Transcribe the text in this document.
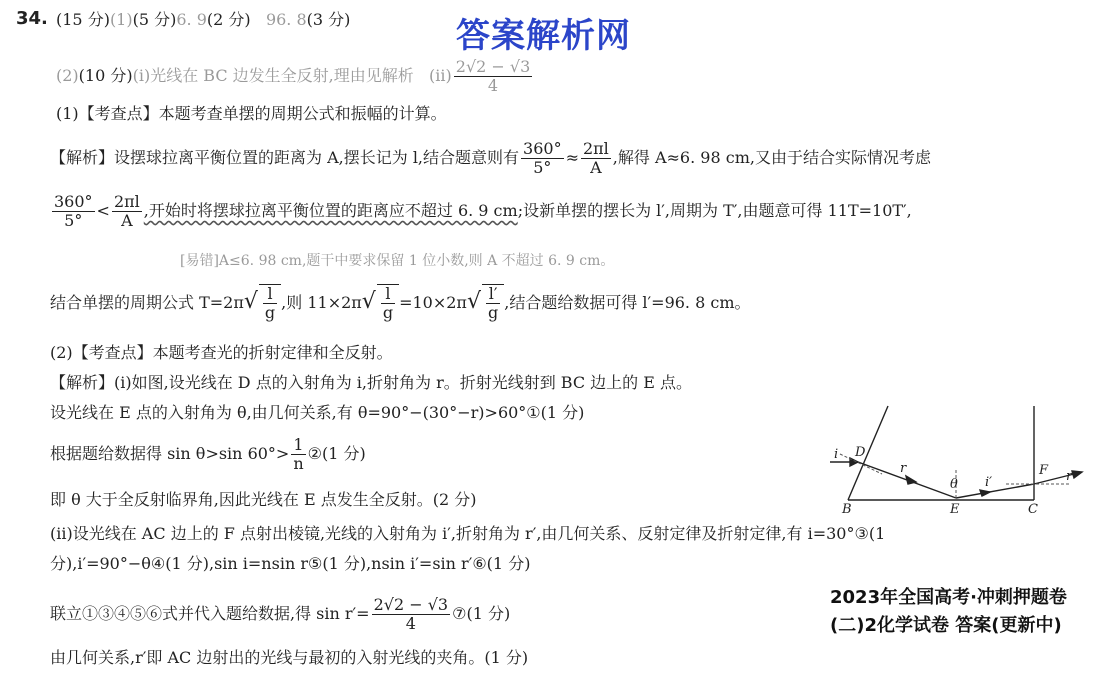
34. (15 分)(1)(5 分)6. 9(2 分) 96. 8(3 分)	答案解析网
(2)(10 分)(ⅰ)光线在 BC 边发生全反射,理由见解析 (ⅱ) $\frac{2√2 - √3}{4}$
(1)【考查点】本题考查单摆的周期公式和振幅的计算。
【解析】设摆球拉离平衡位置的距离为 A,摆长记为 l,结合题意则有 $\frac{360^\circ}{5^\circ} \approx \frac{2\pi l}{A}$ ,解得 A≈6. 98 cm,又由于结合实际情况考虑
$\frac{360^\circ}{5^\circ} < \frac{2\pi l}{A}$ ,开始时将摆球拉离平衡位置的距离应不超过 6. 9 cm;设新单摆的摆长为 l′,周期为 T′,由题意可得 11T=10T′,
[易错]A≤6. 98 cm,题干中要求保留 1 位小数,则 A 不超过 6. 9 cm。
结合单摆的周期公式 $T=2\pi√ \frac{l}{g}$ ,则 $11\times 2\pi√ \frac{l}{g} =10\times 2\pi√ \frac{l'}{g}$ ,结合题给数据可得 l′=96. 8 cm。
(2)【考查点】本题考查光的折射定律和全反射。
【解析】(ⅰ)如图,设光线在 D 点的入射角为 i,折射角为 r。折射光线射到 BC 边上的 E 点。
设光线在 E 点的入射角为 θ,由几何关系,有 θ=90°−(30°−r)>60°①(1 分)
根据题给数据得 sin θ>sin $60^\circ> \frac{1}{n}$ ②(1 分)
即 θ 大于全反射临界角,因此光线在 E 点发生全反射。(2 分)
(ⅱ)设光线在 AC 边上的 F 点射出棱镜,光线的入射角为 i′,折射角为 r′,由几何关系、反射定律及折射定律,有 i=30°③(1
分),i′=90°−θ④(1 分),sin i=nsin r⑤(1 分),nsin i′=sin r′⑥(1 分)
联立①③④⑤⑥式并代入题给数据,得 $\sin r'= \frac{2√2 - √3}{4}$ ⑦(1 分)
由几何关系,r′即 AC 边射出的光线与最初的入射光线的夹角。(1 分)
2023年全国高考·冲刺押题卷(二)2化学试卷 答案(更新中)
i D
r
θ i′
F r′
B	E	C
